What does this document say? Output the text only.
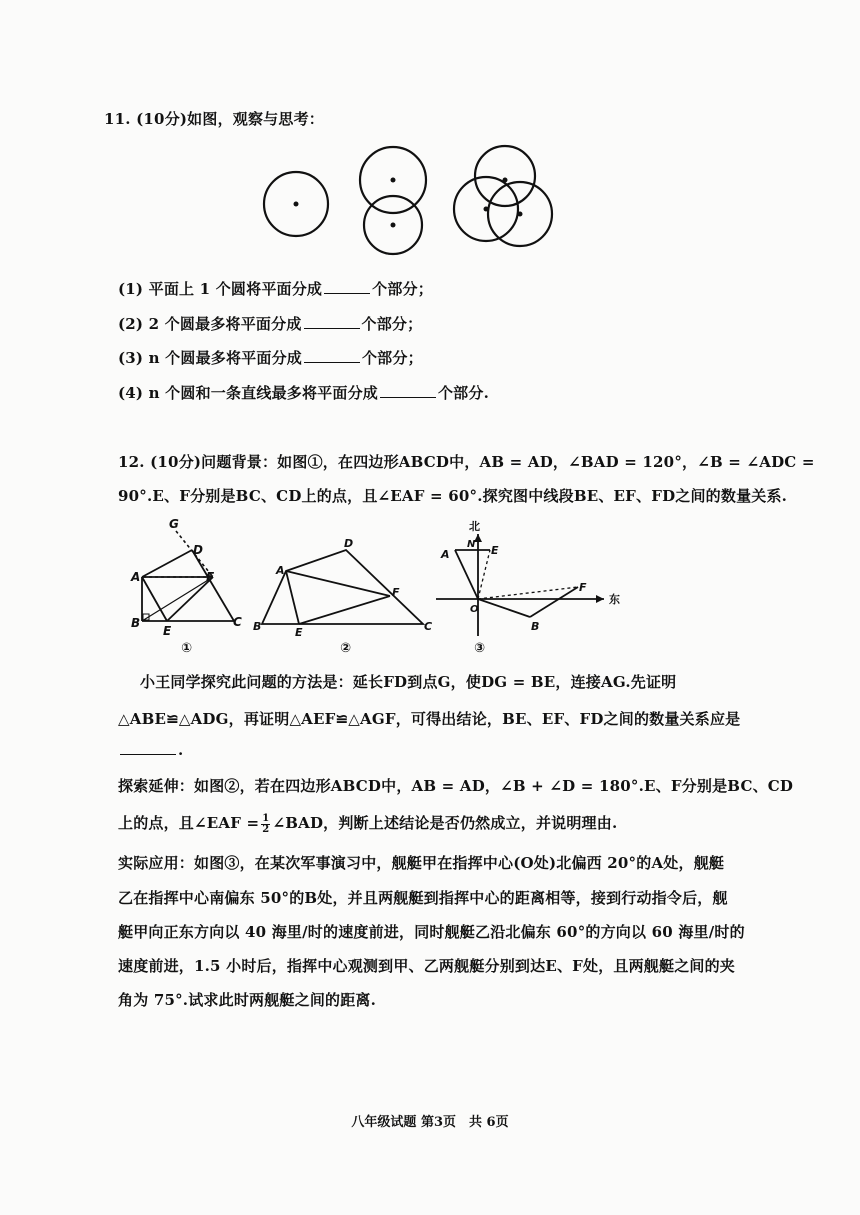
11. (10分)如图，观察与思考：
(1) 平面上 1 个圆将平面分成	个部分；
(2) 2 个圆最多将平面分成	个部分；
(3) n 个圆最多将平面分成	个部分；
(4) n 个圆和一条直线最多将平面分成	个部分.
12. (10分)问题背景：如图①，在四边形ABCD中，AB = AD，∠BAD = 120°，∠B = ∠ADC =
90°.E、F分别是BC、CD上的点，且∠EAF = 60°.探究图中线段BE、EF、FD之间的数量关系.
G
D
A	F
B
E
C
①
D
A
F
B	E	C
②
北
A
N E
F
东
O
B
③
小王同学探究此问题的方法是：延长FD到点G，使DG = BE，连接AG.先证明
△ABE≌△ADG，再证明△AEF≌△AGF，可得出结论，BE、EF、FD之间的数量关系应是
.
探索延伸：如图②，若在四边形ABCD中，AB = AD，∠B + ∠D = 180°.E、F分别是BC、CD
上的点，且∠EAF = $\frac{1}{2}$ ∠BAD，判断上述结论是否仍然成立，并说明理由.
实际应用：如图③，在某次军事演习中，舰艇甲在指挥中心(O处)北偏西 20°的A处，舰艇
乙在指挥中心南偏东 50°的B处，并且两舰艇到指挥中心的距离相等，接到行动指令后，舰
艇甲向正东方向以 40 海里/时的速度前进，同时舰艇乙沿北偏东 60°的方向以 60 海里/时的
速度前进，1.5 小时后，指挥中心观测到甲、乙两舰艇分别到达E、F处，且两舰艇之间的夹
角为 75°.试求此时两舰艇之间的距离.
八年级试题 第3页　共 6页
